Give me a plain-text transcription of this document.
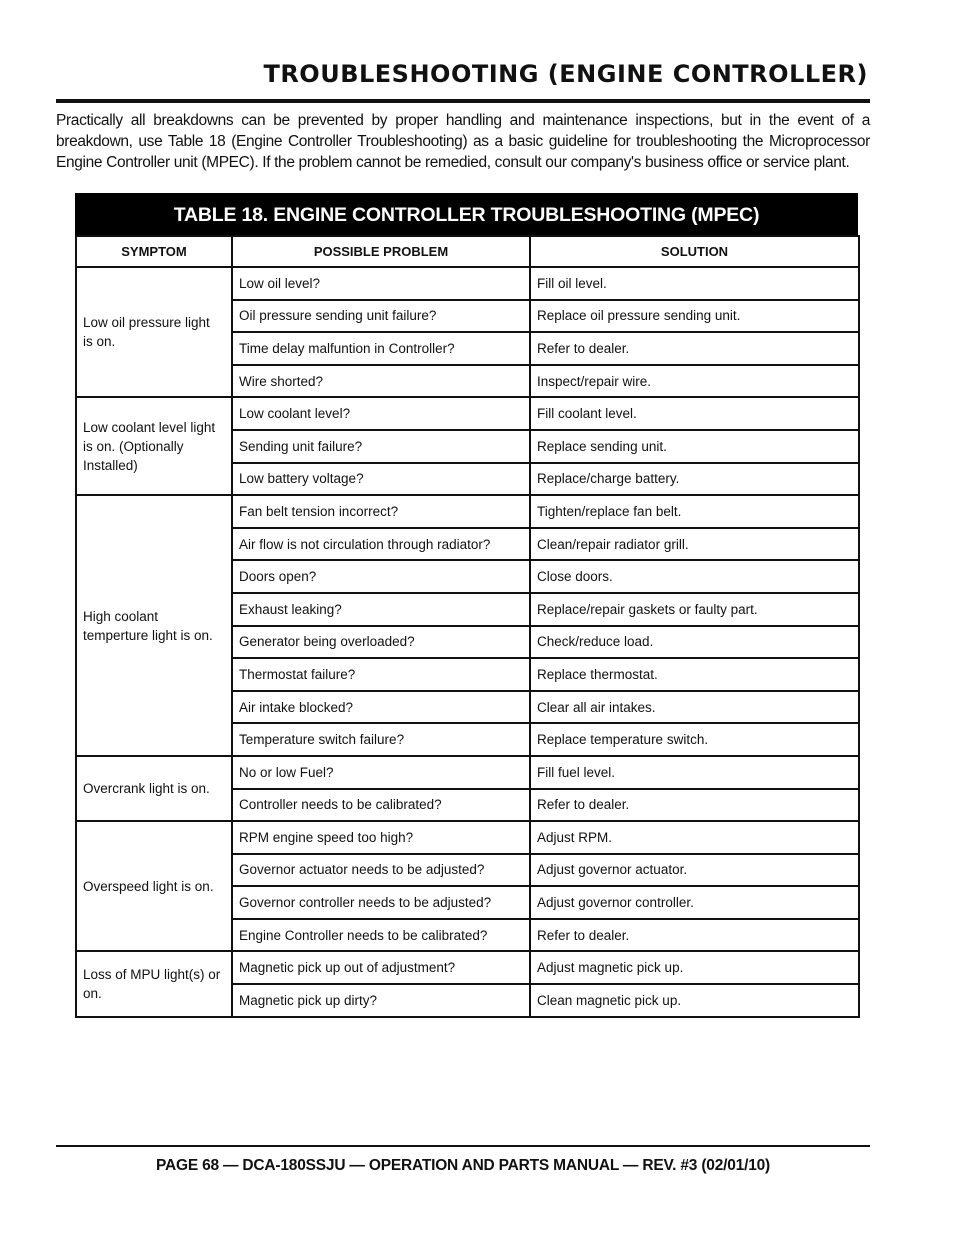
TROUBLESHOOTING (ENGINE CONTROLLER)

Practically all breakdowns can be prevented by proper handling and maintenance inspections, but in the event of a breakdown, use Table 18 (Engine Controller Troubleshooting) as a basic guideline for troubleshooting the Microprocessor Engine Controller unit (MPEC). If the problem cannot be remedied, consult our company's business office or service plant.

TABLE 18. ENGINE CONTROLLER TROUBLESHOOTING (MPEC)
SYMPTOM	POSSIBLE PROBLEM	SOLUTION
Low oil pressure light is on.	Low oil level?	Fill oil level.
	Oil pressure sending unit failure?	Replace oil pressure sending unit.
	Time delay malfuntion in Controller?	Refer to dealer.
	Wire shorted?	Inspect/repair wire.
Low coolant level light is on. (Optionally Installed)	Low coolant level?	Fill coolant level.
	Sending unit failure?	Replace sending unit.
	Low battery voltage?	Replace/charge battery.
High coolant temperture light is on.	Fan belt tension incorrect?	Tighten/replace fan belt.
	Air flow is not circulation through radiator?	Clean/repair radiator grill.
	Doors open?	Close doors.
	Exhaust leaking?	Replace/repair gaskets or faulty part.
	Generator being overloaded?	Check/reduce load.
	Thermostat failure?	Replace thermostat.
	Air intake blocked?	Clear all air intakes.
	Temperature switch failure?	Replace temperature switch.
Overcrank light is on.	No or low Fuel?	Fill fuel level.
	Controller needs to be calibrated?	Refer to dealer.
Overspeed light is on.	RPM engine speed too high?	Adjust RPM.
	Governor actuator needs to be adjusted?	Adjust governor actuator.
	Governor controller needs to be adjusted?	Adjust governor controller.
	Engine Controller needs to be calibrated?	Refer to dealer.
Loss of MPU light(s) or on.	Magnetic pick up out of adjustment?	Adjust magnetic pick up.
	Magnetic pick up dirty?	Clean magnetic pick up.

PAGE 68 — DCA-180SSJU — OPERATION AND PARTS MANUAL — REV. #3 (02/01/10)
